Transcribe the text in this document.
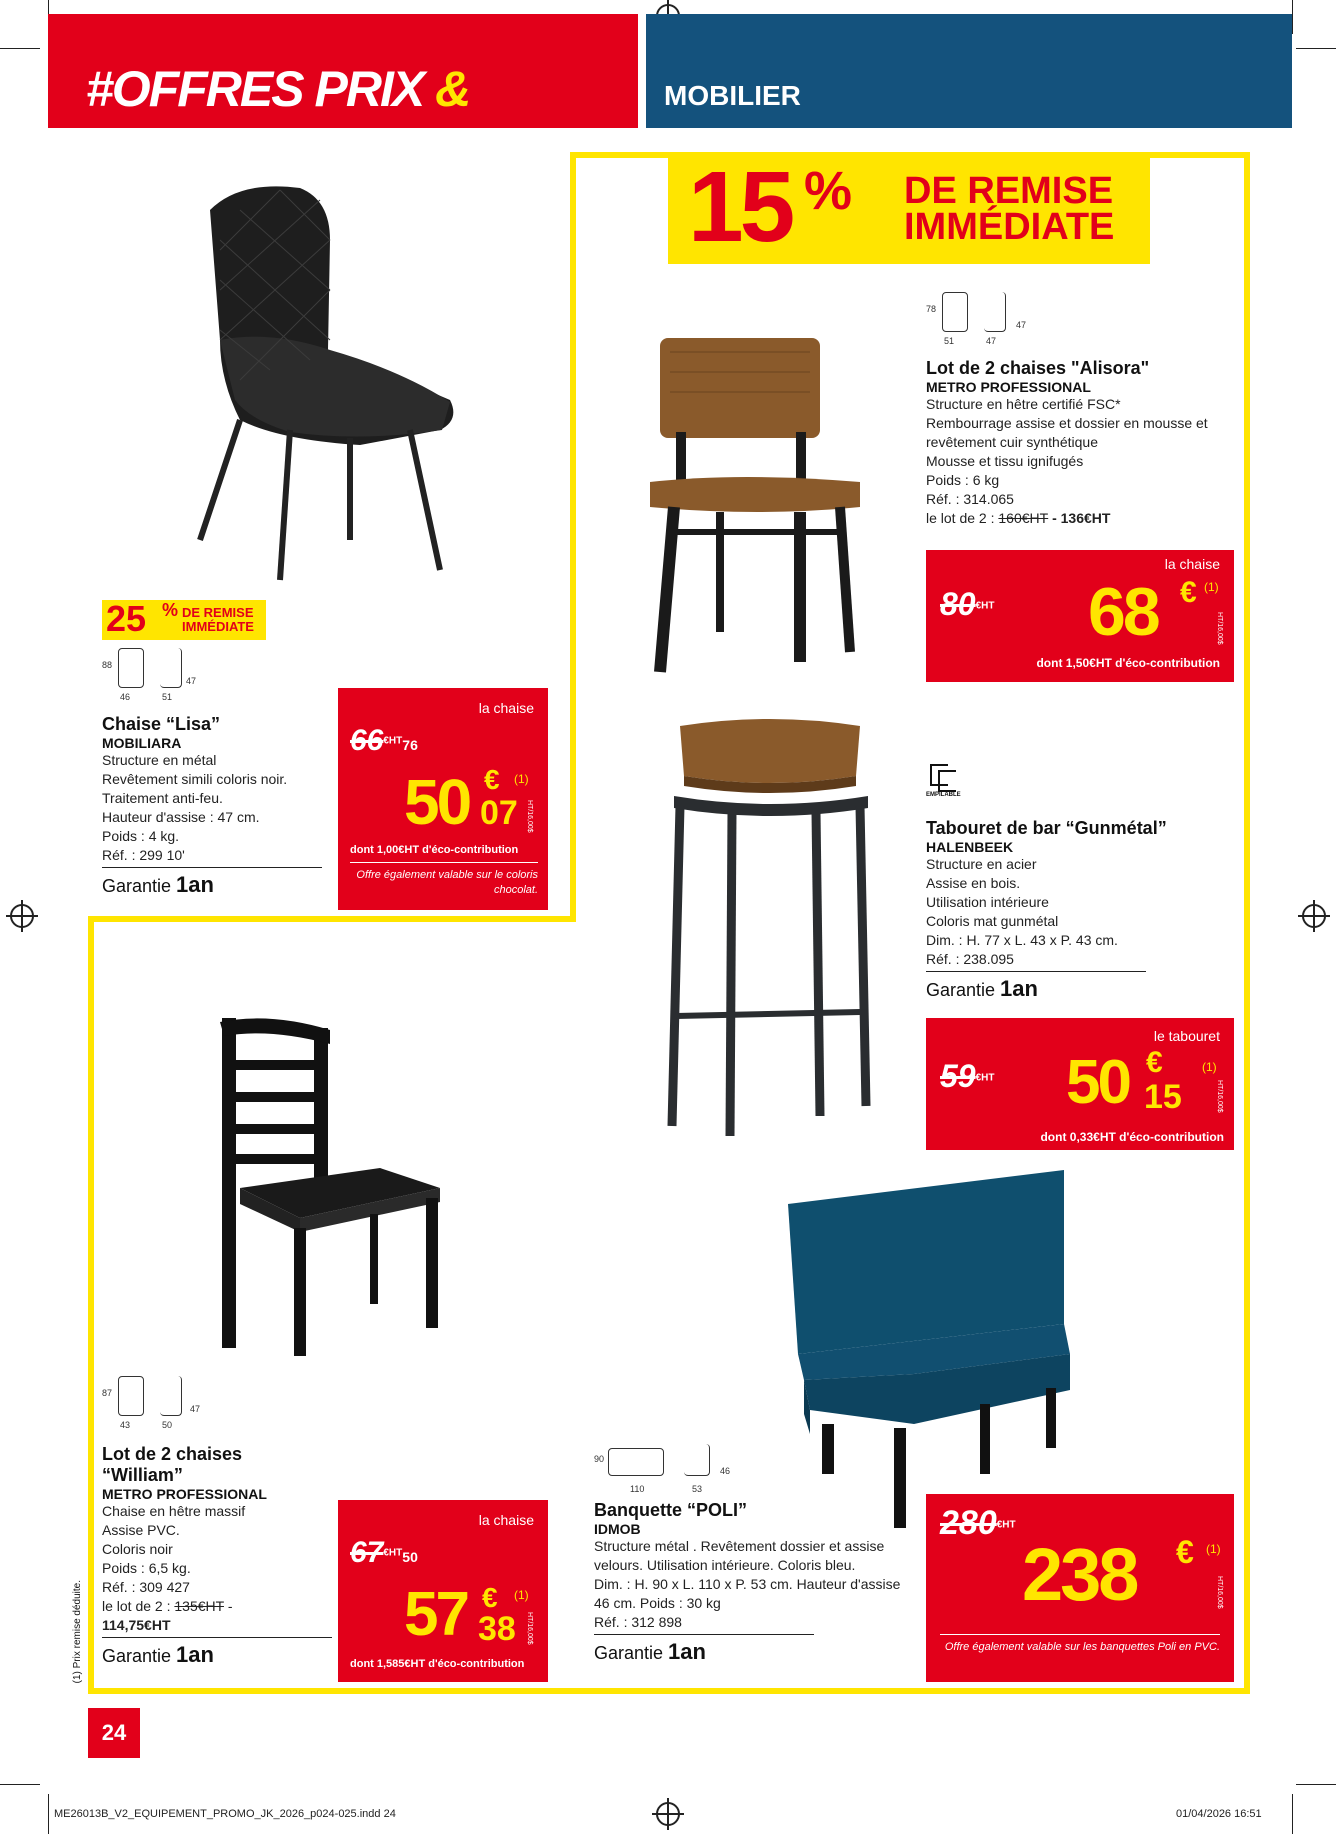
#OFFRES PRIX & PROMOS
MOBILIER
15 % DE REMISE
IMMÉDIATE
25 % DE REMISE
IMMÉDIATE
88
47
46	51
Chaise “Lisa”
MOBILIARA
Structure en métal
Revêtement simili coloris noir.
Traitement anti-feu.
Hauteur d'assise : 47 cm.
Poids : 4 kg.
Réf. : 299 10'
Garantie 1an
la chaise
$66^{€HT}76$
50 € (1)
07 HT/16,00$
dont 1,00€HT d'éco-contribution
Offre également valable sur le coloris chocolat.
78
47
51	47
Lot de 2 chaises "Alisora"
METRO PROFESSIONAL
Structure en hêtre certifié FSC*
Rembourrage assise et dossier en mousse et
revêtement cuir synthétique
Mousse et tissu ignifugés
Poids : 6 kg
Réf. : 314.065
le lot de 2 : 160€HT - 136€HT
la chaise
$80^{€HT}$ 68 € (1)
HT/16,00$
dont 1,50€HT d'éco-contribution
EMPILABLE
Tabouret de bar “Gunmétal”
HALENBEEK
Structure en acier
Assise en bois.
Utilisation intérieure
Coloris mat gunmétal
Dim. : H. 77 x L. 43 x P. 43 cm.
Réf. : 238.095
Garantie 1an
le tabouret
$59^{€HT}$ 50 €	(1)
15	HT/16,00$
dont 0,33€HT d'éco-contribution
87
47
43	50
Lot de 2 chaises
“William”
METRO PROFESSIONAL
Chaise en hêtre massif
Assise PVC.
Coloris noir
Poids : 6,5 kg.
Réf. : 309 427
le lot de 2 : 135€HT -
114,75€HT
Garantie 1an
la chaise
$67^{€HT}50$
57 € (1)
38 HT/16,00$
dont 1,585€HT d'éco-contribution
90
46
110	53
Banquette “POLI”
IDMOB
Structure métal . Revêtement dossier et assise
velours. Utilisation intérieure. Coloris bleu.
Dim. : H. 90 x L. 110 x P. 53 cm. Hauteur d'assise
46 cm. Poids : 30 kg
Réf. : 312 898
Garantie 1an
$280^{€HT}$
238 € (1)
HT/16,00$
Offre également valable sur les banquettes Poli en PVC.
(1) Prix remise déduite.
24
ME26013B_V2_EQUIPEMENT_PROMO_JK_2026_p024-025.indd 24	01/04/2026 16:51
